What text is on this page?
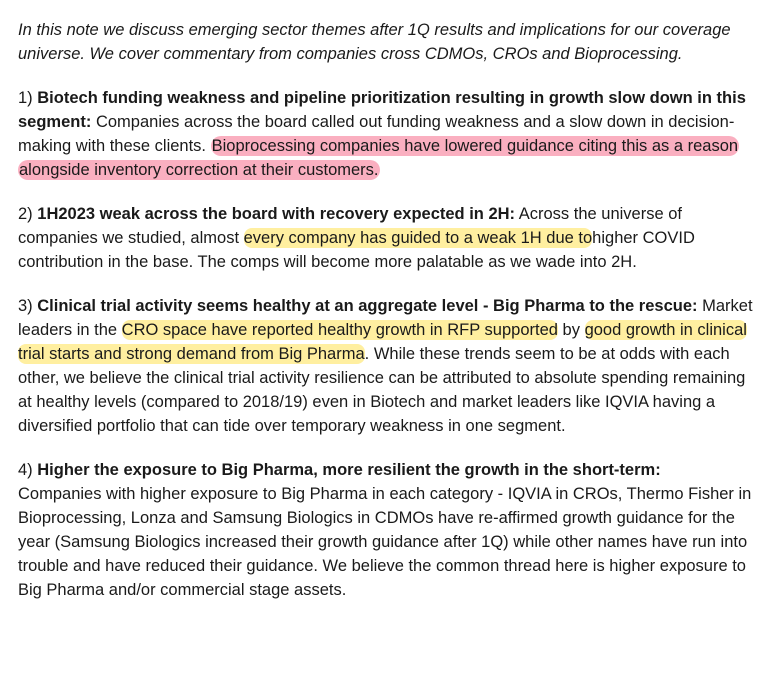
In this note we discuss emerging sector themes after 1Q results and implications for our coverage universe. We cover commentary from companies cross CDMOs, CROs and Bioprocessing.

1) Biotech funding weakness and pipeline prioritization resulting in growth slow down in this segment: Companies across the board called out funding weakness and a slow down in decision-making with these clients. Bioprocessing companies have lowered guidance citing this as a reason alongside inventory correction at their customers.

2) 1H2023 weak across the board with recovery expected in 2H: Across the universe of companies we studied, almost every company has guided to a weak 1H due tohigher COVID contribution in the base. The comps will become more palatable as we wade into 2H.

3) Clinical trial activity seems healthy at an aggregate level - Big Pharma to the rescue: Market leaders in the CRO space have reported healthy growth in RFP supported by good growth in clinical trial starts and strong demand from Big Pharma. While these trends seem to be at odds with each other, we believe the clinical trial activity resilience can be attributed to absolute spending remaining at healthy levels (compared to 2018/19) even in Biotech and market leaders like IQVIA having a diversified portfolio that can tide over temporary weakness in one segment.

4) Higher the exposure to Big Pharma, more resilient the growth in the short-term:
Companies with higher exposure to Big Pharma in each category - IQVIA in CROs, Thermo Fisher in Bioprocessing, Lonza and Samsung Biologics in CDMOs have re-affirmed growth guidance for the year (Samsung Biologics increased their growth guidance after 1Q) while other names have run into trouble and have reduced their guidance. We believe the common thread here is higher exposure to Big Pharma and/or commercial stage assets.
